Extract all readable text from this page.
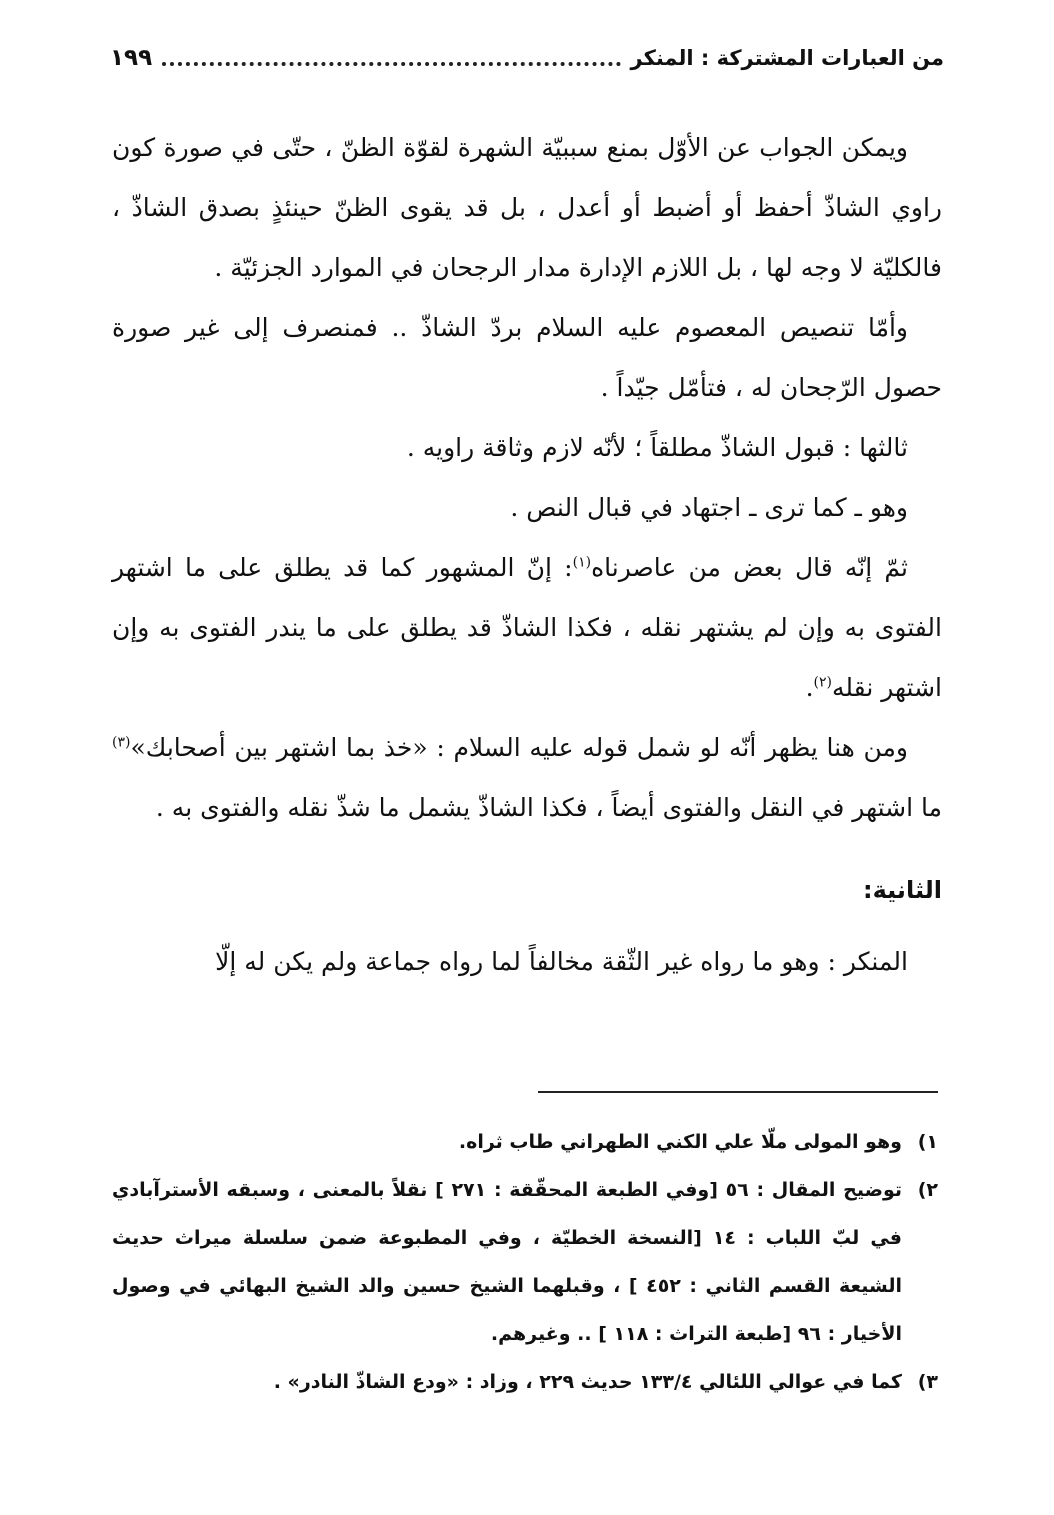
من العبارات المشتركة : المنكر
١٩٩

ويمكن الجواب عن الأوّل بمنع سببيّة الشهرة لقوّة الظنّ ، حتّى في صورة كون راوي الشاذّ أحفظ أو أضبط أو أعدل ، بل قد يقوى الظنّ حينئذٍ بصدق الشاذّ ، فالكليّة لا وجه لها ، بل اللازم الإدارة مدار الرجحان في الموارد الجزئيّة .

وأمّا تنصيص المعصوم عليه السلام بردّ الشاذّ .. فمنصرف إلى غير صورة حصول الرّجحان له ، فتأمّل جيّداً .

ثالثها : قبول الشاذّ مطلقاً ؛ لأنّه لازم وثاقة راويه .

وهو ـ كما ترى ـ اجتهاد في قبال النص .

ثمّ إنّه قال بعض من عاصرناه$^{(١)}$: إنّ المشهور كما قد يطلق على ما اشتهر الفتوى به وإن لم يشتهر نقله ، فكذا الشاذّ قد يطلق على ما يندر الفتوى به وإن اشتهر نقله$^{(٢)}$.

ومن هنا يظهر أنّه لو شمل قوله عليه السلام : «خذ بما اشتهر بين أصحابك»$^{(٣)}$ ما اشتهر في النقل والفتوى أيضاً ، فكذا الشاذّ يشمل ما شذّ نقله والفتوى به .

الثانية:

المنكر : وهو ما رواه غير الثّقة مخالفاً لما رواه جماعة ولم يكن له إلّا

١)
وهو المولى ملّا علي الكني الطهراني طاب ثراه.
٢)
توضيح المقال : ٥٦ [وفي الطبعة المحقّقة : ٢٧١ ] نقلاً بالمعنى ، وسبقه الأسترآبادي في لبّ اللباب : ١٤ [النسخة الخطيّة ، وفي المطبوعة ضمن سلسلة ميراث حديث الشيعة القسم الثاني : ٤٥٢ ] ، وقبلهما الشيخ حسين والد الشيخ البهائي في وصول الأخيار : ٩٦ [طبعة التراث : ١١٨ ] .. وغيرهم.
٣)
كما في عوالي اللئالي ١٣٣/٤ حديث ٢٢٩ ، وزاد : «ودع الشاذّ النادر» .
